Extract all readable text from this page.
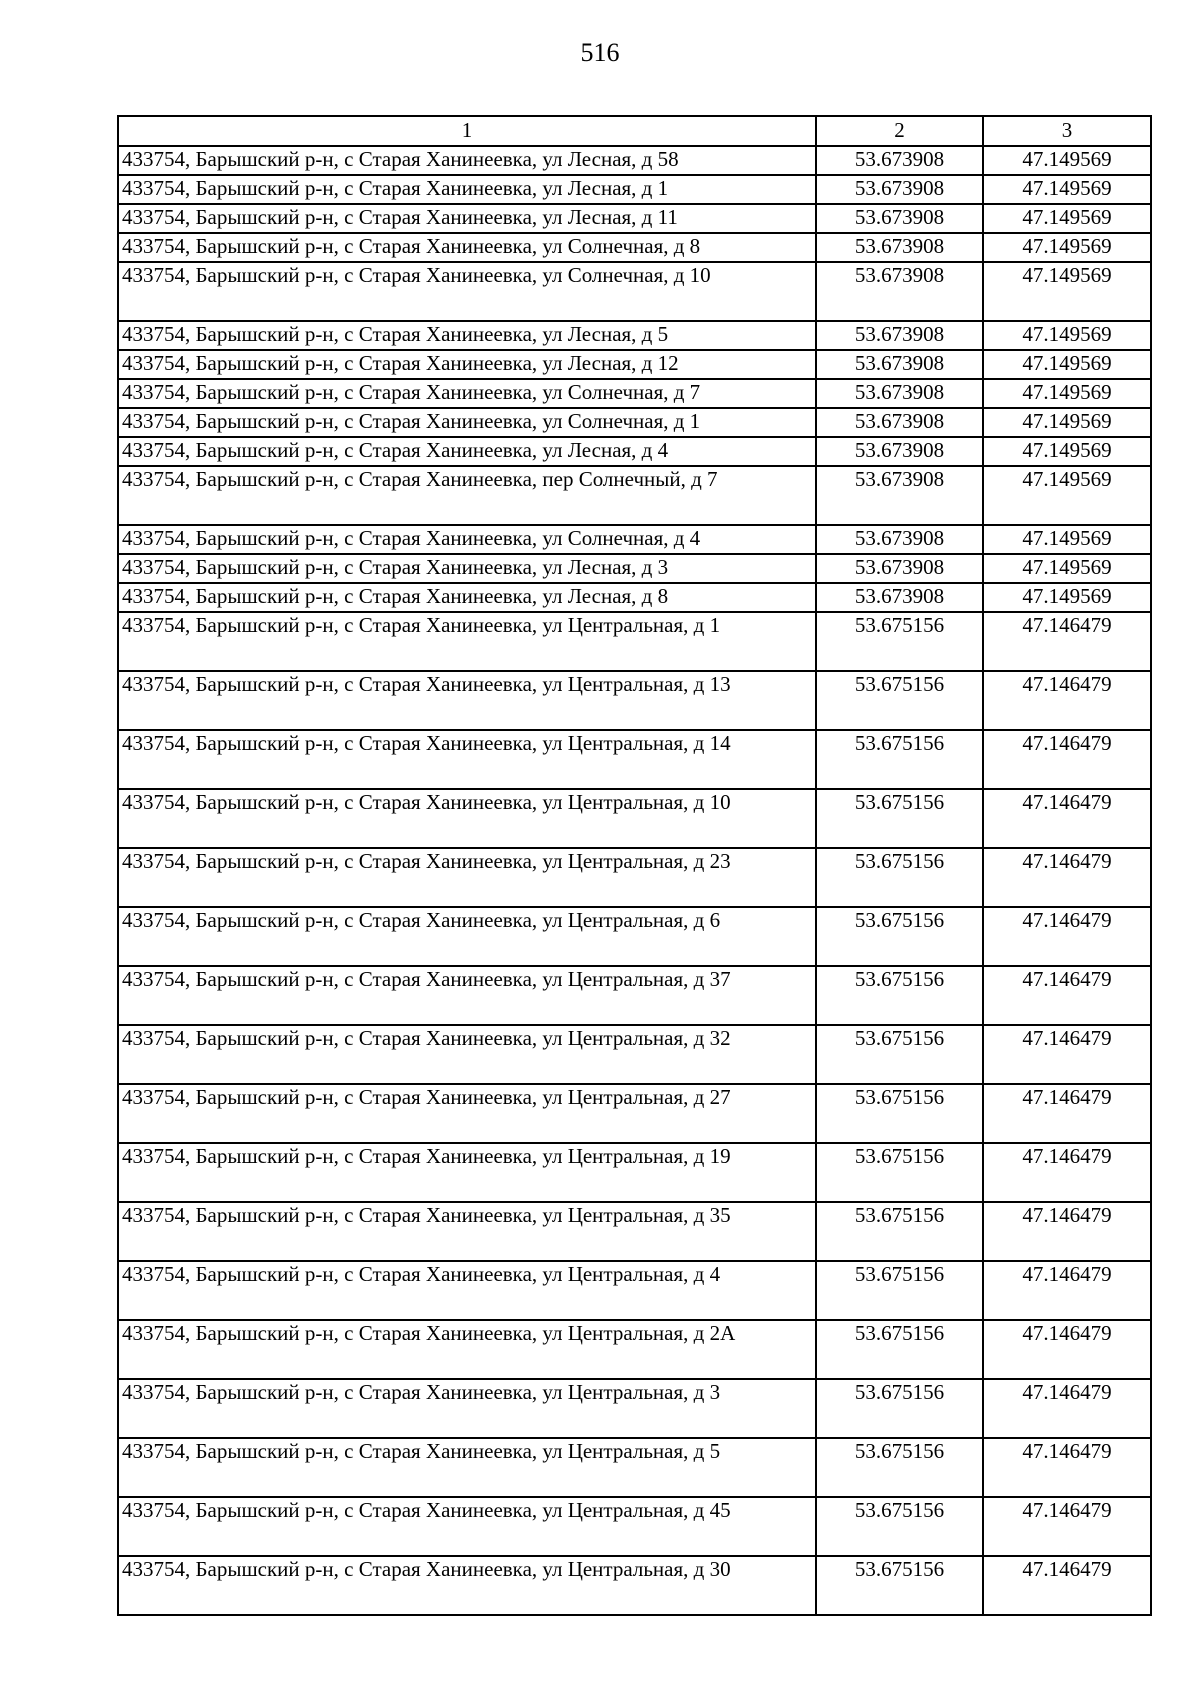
516
1	2	3
433754, Барышский р-н, с Старая Ханинеевка, ул Лесная, д 58	53.673908	47.149569
433754, Барышский р-н, с Старая Ханинеевка, ул Лесная, д 1	53.673908	47.149569
433754, Барышский р-н, с Старая Ханинеевка, ул Лесная, д 11	53.673908	47.149569
433754, Барышский р-н, с Старая Ханинеевка, ул Солнечная, д 8	53.673908	47.149569
433754, Барышский р-н, с Старая Ханинеевка, ул Солнечная, д 10	53.673908	47.149569
433754, Барышский р-н, с Старая Ханинеевка, ул Лесная, д 5	53.673908	47.149569
433754, Барышский р-н, с Старая Ханинеевка, ул Лесная, д 12	53.673908	47.149569
433754, Барышский р-н, с Старая Ханинеевка, ул Солнечная, д 7	53.673908	47.149569
433754, Барышский р-н, с Старая Ханинеевка, ул Солнечная, д 1	53.673908	47.149569
433754, Барышский р-н, с Старая Ханинеевка, ул Лесная, д 4	53.673908	47.149569
433754, Барышский р-н, с Старая Ханинеевка, пер Солнечный, д 7	53.673908	47.149569
433754, Барышский р-н, с Старая Ханинеевка, ул Солнечная, д 4	53.673908	47.149569
433754, Барышский р-н, с Старая Ханинеевка, ул Лесная, д 3	53.673908	47.149569
433754, Барышский р-н, с Старая Ханинеевка, ул Лесная, д 8	53.673908	47.149569
433754, Барышский р-н, с Старая Ханинеевка, ул Центральная, д 1	53.675156	47.146479
433754, Барышский р-н, с Старая Ханинеевка, ул Центральная, д 13	53.675156	47.146479
433754, Барышский р-н, с Старая Ханинеевка, ул Центральная, д 14	53.675156	47.146479
433754, Барышский р-н, с Старая Ханинеевка, ул Центральная, д 10	53.675156	47.146479
433754, Барышский р-н, с Старая Ханинеевка, ул Центральная, д 23	53.675156	47.146479
433754, Барышский р-н, с Старая Ханинеевка, ул Центральная, д 6	53.675156	47.146479
433754, Барышский р-н, с Старая Ханинеевка, ул Центральная, д 37	53.675156	47.146479
433754, Барышский р-н, с Старая Ханинеевка, ул Центральная, д 32	53.675156	47.146479
433754, Барышский р-н, с Старая Ханинеевка, ул Центральная, д 27	53.675156	47.146479
433754, Барышский р-н, с Старая Ханинеевка, ул Центральная, д 19	53.675156	47.146479
433754, Барышский р-н, с Старая Ханинеевка, ул Центральная, д 35	53.675156	47.146479
433754, Барышский р-н, с Старая Ханинеевка, ул Центральная, д 4	53.675156	47.146479
433754, Барышский р-н, с Старая Ханинеевка, ул Центральная, д 2А	53.675156	47.146479
433754, Барышский р-н, с Старая Ханинеевка, ул Центральная, д 3	53.675156	47.146479
433754, Барышский р-н, с Старая Ханинеевка, ул Центральная, д 5	53.675156	47.146479
433754, Барышский р-н, с Старая Ханинеевка, ул Центральная, д 45	53.675156	47.146479
433754, Барышский р-н, с Старая Ханинеевка, ул Центральная, д 30	53.675156	47.146479
